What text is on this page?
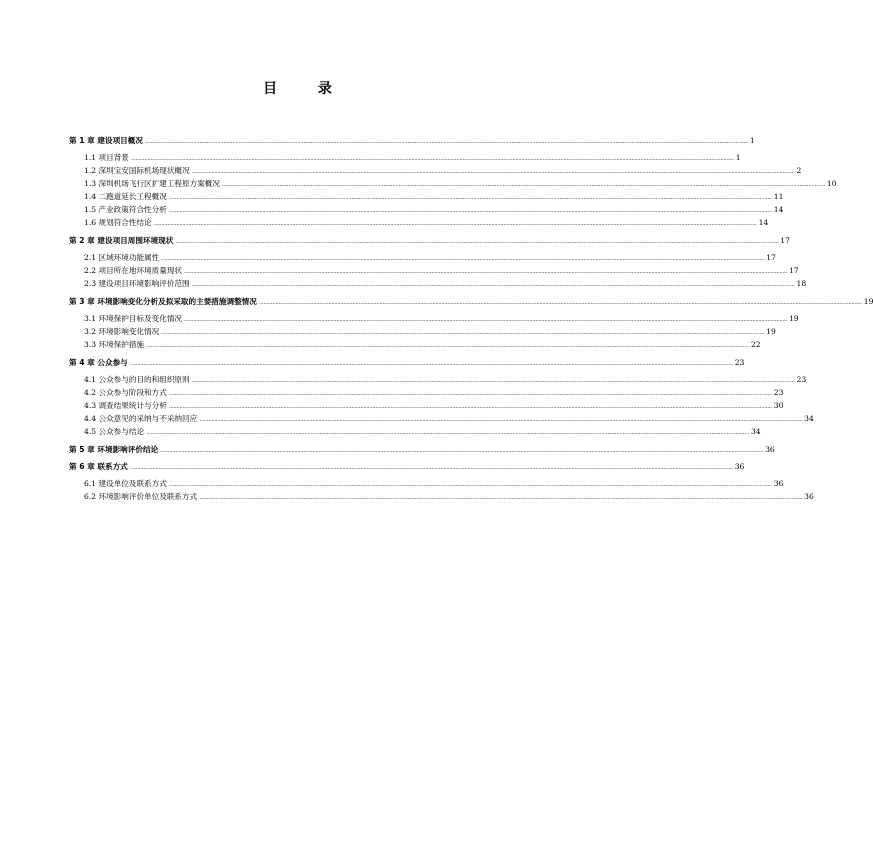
目 录
第 1 章 建设项目概况 ................................................................................................................................................................................................................................................................................................................................................................................................................ 1
1.1 项目背景 ................................................................................................................................................................................................................................................................................................................................................................................................................ 1
1.2 深圳宝安国际机场现状概况 ................................................................................................................................................................................................................................................................................................................................................................................................................ 2
1.3 深圳机场飞行区扩建工程原方案概况 ................................................................................................................................................................................................................................................................................................................................................................................................................ 10
1.4 二跑道延长工程概况 ................................................................................................................................................................................................................................................................................................................................................................................................................ 11
1.5 产业政策符合性分析 ................................................................................................................................................................................................................................................................................................................................................................................................................ 14
1.6 规划符合性结论 ................................................................................................................................................................................................................................................................................................................................................................................................................ 14
第 2 章 建设项目周围环境现状 ................................................................................................................................................................................................................................................................................................................................................................................................................ 17
2.1 区域环境功能属性 ................................................................................................................................................................................................................................................................................................................................................................................................................ 17
2.2 项目所在地环境质量现状 ................................................................................................................................................................................................................................................................................................................................................................................................................ 17
2.3 建设项目环境影响评价范围 ................................................................................................................................................................................................................................................................................................................................................................................................................ 18
第 3 章 环境影响变化分析及拟采取的主要措施调整情况 ................................................................................................................................................................................................................................................................................................................................................................................................................ 19
3.1 环境保护目标及变化情况 ................................................................................................................................................................................................................................................................................................................................................................................................................ 19
3.2 环境影响变化情况 ................................................................................................................................................................................................................................................................................................................................................................................................................ 19
3.3 环境保护措施 ................................................................................................................................................................................................................................................................................................................................................................................................................ 22
第 4 章 公众参与 ................................................................................................................................................................................................................................................................................................................................................................................................................ 23
4.1 公众参与的目的和组织原则 ................................................................................................................................................................................................................................................................................................................................................................................................................ 23
4.2 公众参与阶段和方式 ................................................................................................................................................................................................................................................................................................................................................................................................................ 23
4.3 调查结果统计与分析 ................................................................................................................................................................................................................................................................................................................................................................................................................ 30
4.4 公众意见的采纳与不采纳回应 ................................................................................................................................................................................................................................................................................................................................................................................................................ 34
4.5 公众参与结论 ................................................................................................................................................................................................................................................................................................................................................................................................................ 34
第 5 章 环境影响评价结论 ................................................................................................................................................................................................................................................................................................................................................................................................................ 36
第 6 章 联系方式 ................................................................................................................................................................................................................................................................................................................................................................................................................ 36
6.1 建设单位及联系方式 ................................................................................................................................................................................................................................................................................................................................................................................................................ 36
6.2 环境影响评价单位及联系方式 ................................................................................................................................................................................................................................................................................................................................................................................................................ 36
